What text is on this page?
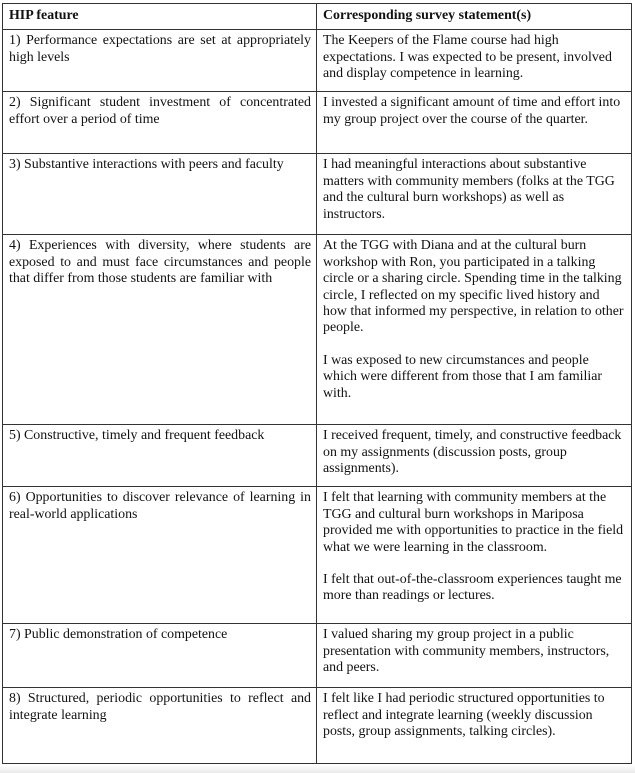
HIP feature	Corresponding survey statement(s)
1) Performance expectations are set at appropriately high levels	The Keepers of the Flame course had high expectations. I was expected to be present, involved and display competence in learning.

2) Significant student investment of concentrated effort over a period of time	I invested a significant amount of time and effort into my group project over the course of the quarter.

3) Substantive interactions with peers and faculty	I had meaningful interactions about substantive matters with community members (folks at the TGG and the cultural burn workshops) as well as instructors.

4) Experiences with diversity, where students are exposed to and must face circumstances and people that differ from those students are familiar with	At the TGG with Diana and at the cultural burn workshop with Ron, you participated in a talking circle or a sharing circle. Spending time in the talking circle, I reflected on my specific lived history and how that informed my perspective, in relation to other people.

I was exposed to new circumstances and people which were different from those that I am familiar with.

5) Constructive, timely and frequent feedback	I received frequent, timely, and constructive feedback on my assignments (discussion posts, group assignments).

6) Opportunities to discover relevance of learning in real-world applications	I felt that learning with community members at the TGG and cultural burn workshops in Mariposa provided me with opportunities to practice in the field what we were learning in the classroom.

I felt that out-of-the-classroom experiences taught me more than readings or lectures.

7) Public demonstration of competence	I valued sharing my group project in a public presentation with community members, instructors, and peers.

8) Structured, periodic opportunities to reflect and integrate learning	I felt like I had periodic structured opportunities to reflect and integrate learning (weekly discussion posts, group assignments, talking circles).
